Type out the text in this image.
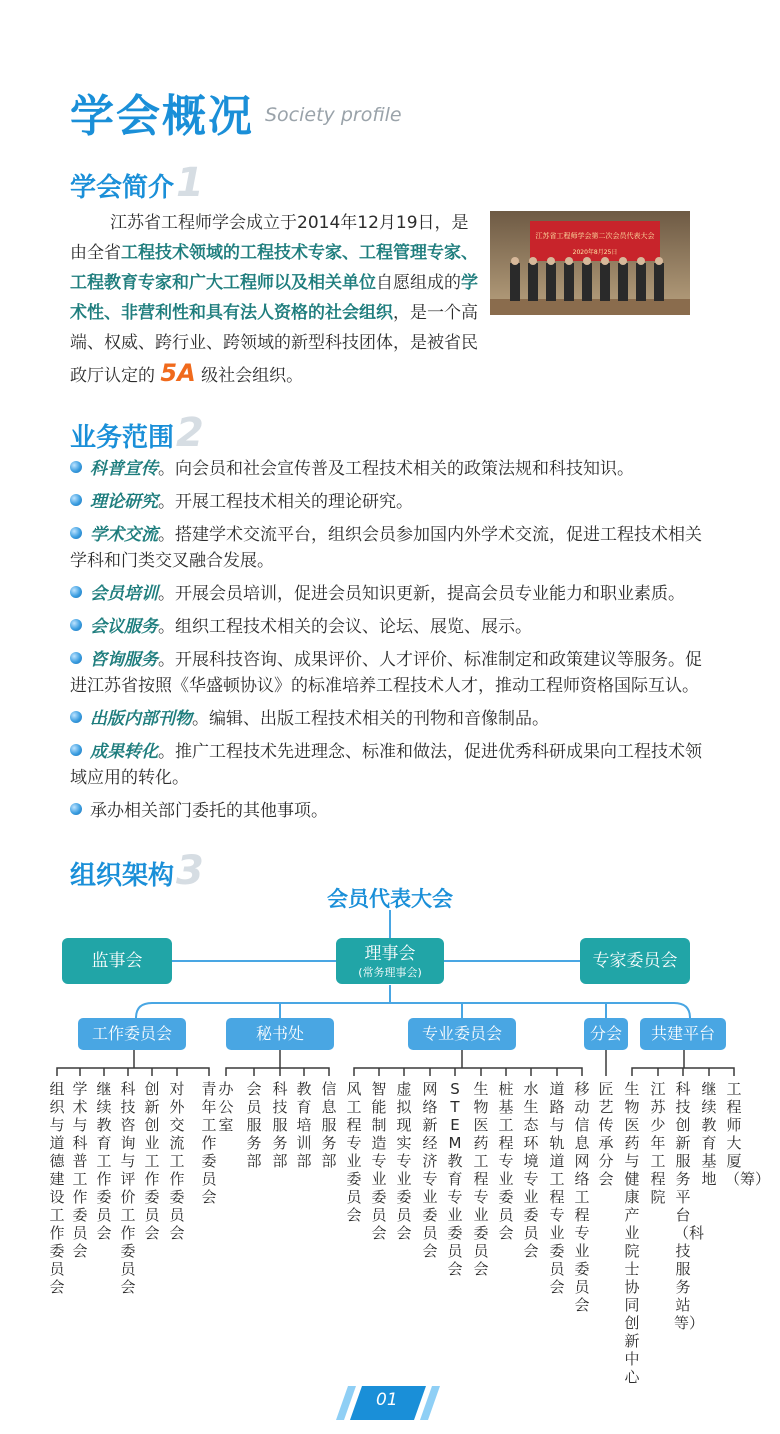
学会概况 Society profile
学会简介1
江苏省工程师学会成立于2014年12月19日，是由全省工程技术领域的工程技术专家、工程管理专家、工程教育专家和广大工程师以及相关单位自愿组成的学术性、非营利性和具有法人资格的社会组织，是一个高端、权威、跨行业、跨领域的新型科技团体，是被省民政厅认定的 5A 级社会组织。
江苏省工程师学会第二次会员代表大会
2020年8月25日
业务范围2
科普宣传。向会员和社会宣传普及工程技术相关的政策法规和科技知识。
理论研究。开展工程技术相关的理论研究。
学术交流。搭建学术交流平台，组织会员参加国内外学术交流，促进工程技术相关学科和门类交叉融合发展。
会员培训。开展会员培训，促进会员知识更新，提高会员专业能力和职业素质。
会议服务。组织工程技术相关的会议、论坛、展览、展示。
咨询服务。开展科技咨询、成果评价、人才评价、标准制定和政策建议等服务。促进江苏省按照《华盛顿协议》的标准培养工程技术人才，推动工程师资格国际互认。
出版内部刊物。编辑、出版工程技术相关的刊物和音像制品。
成果转化。推广工程技术先进理念、标准和做法，促进优秀科研成果向工程技术领域应用的转化。
承办相关部门委托的其他事项。
组织架构3
会员代表大会
监事会	理事会
(常务理事会)
专家委员会
工作委员会	秘书处	专业委员会	分会	共建平台
组织与道德建设工作委员会
学术与科普工作委员会
继续教育工作委员会
科技咨询与评价工作委员会
创新创业工作委员会
对外交流工作委员会
青年工作委员会
办公室
会员服务部
科技服务部
教育培训部
信息服务部
风工程专业委员会
智能制造专业委员会
虚拟现实专业委员会
网络新经济专业委员会
STEM教育专业委员会
生物医药工程专业委员会
桩基工程专业委员会
水生态环境专业委员会
道路与轨道工程专业委员会
移动信息网络工程专业委员会
匠艺传承分会
生物医药与健康产业院士协同创新中心
江苏少年工程院
科技创新服务平台（科技服务站等）
继续教育基地
工程师大厦（筹）
01
